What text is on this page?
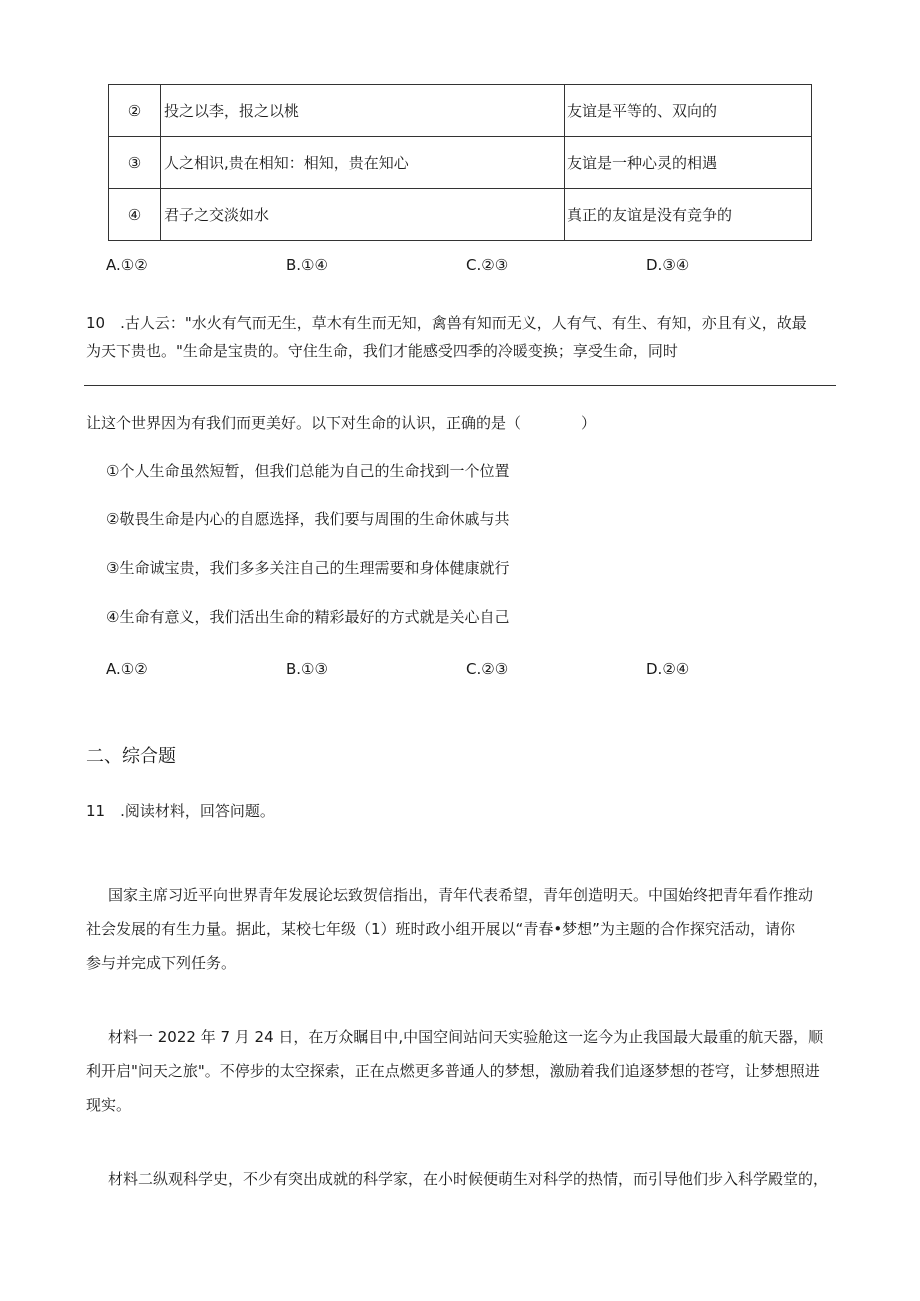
②	投之以李，报之以桃	友谊是平等的、双向的
③	人之相识,贵在相知：相知，贵在知心	友谊是一种心灵的相遇
④	君子之交淡如水	真正的友谊是没有竞争的
A.①②	B.①④	C.②③	D.③④
10　.古人云："水火有气而无生，草木有生而无知，禽兽有知而无义，人有气、有生、有知，亦且有义，故最
为天下贵也。"生命是宝贵的。守住生命，我们才能感受四季的冷暖变换；享受生命，同时
让这个世界因为有我们而更美好。以下对生命的认识，正确的是（　　　　）
①个人生命虽然短暂，但我们总能为自己的生命找到一个位置
②敬畏生命是内心的自愿选择，我们要与周围的生命休戚与共
③生命诚宝贵，我们多多关注自己的生理需要和身体健康就行
④生命有意义，我们活出生命的精彩最好的方式就是关心自己
A.①②	B.①③	C.②③	D.②④
二、综合题
11　.阅读材料，回答问题。
国家主席习近平向世界青年发展论坛致贺信指出，青年代表希望，青年创造明天。中国始终把青年看作推动
社会发展的有生力量。据此，某校七年级（1）班时政小组开展以“青春•梦想”为主题的合作探究活动，请你
参与并完成下列任务。
材料一 2022 年 7 月 24 日，在万众瞩目中,中国空间站问天实验舱这一迄今为止我国最大最重的航天器，顺
利开启"问天之旅"。不停步的太空探索，正在点燃更多普通人的梦想，激励着我们追逐梦想的苍穹，让梦想照进
现实。
材料二纵观科学史，不少有突出成就的科学家，在小时候便萌生对科学的热情，而引导他们步入科学殿堂的，
